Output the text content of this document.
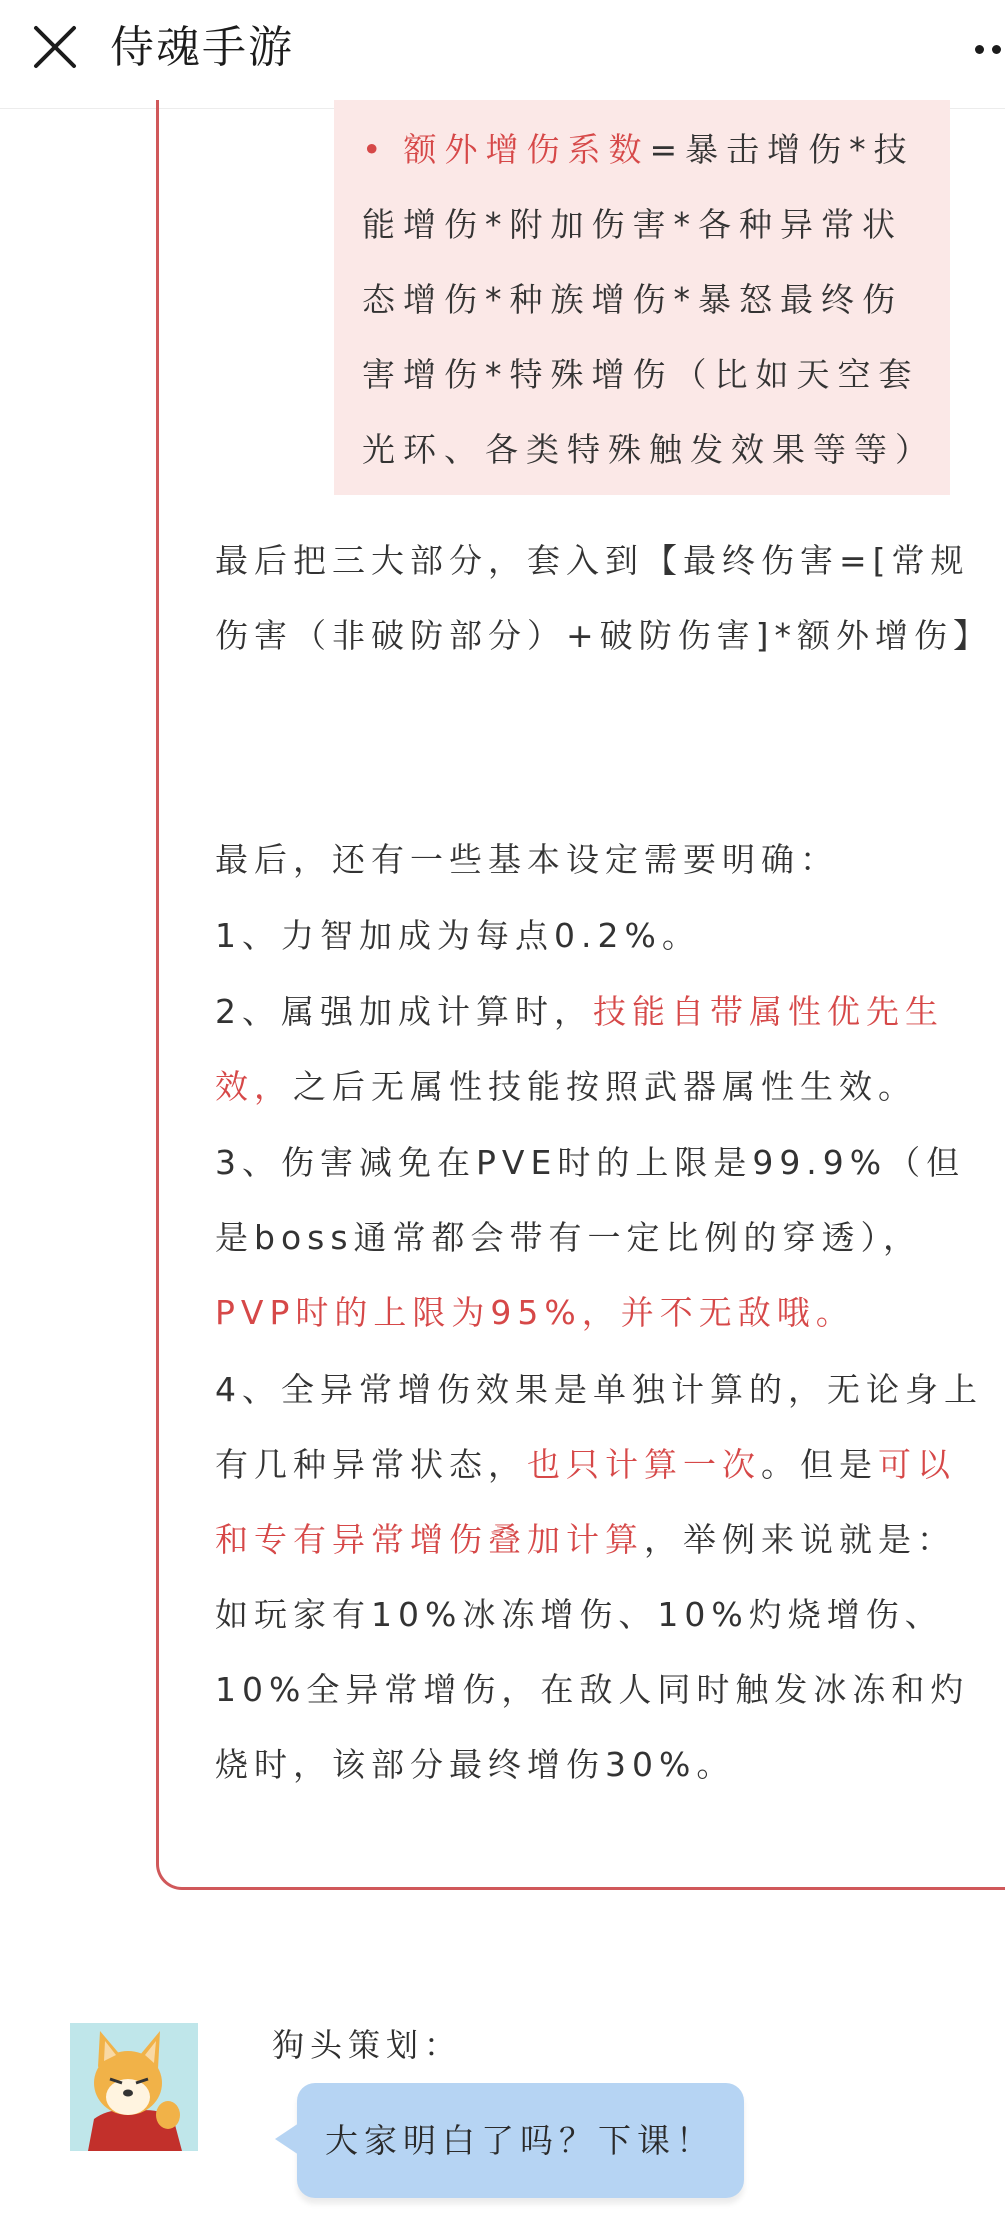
侍魂手游
• 额外增伤系数=暴击增伤*技能增伤*附加伤害*各种异常状态增伤*种族增伤*暴怒最终伤害增伤*特殊增伤（比如天空套光环、各类特殊触发效果等等）
最后把三大部分，套入到【最终伤害=[常规伤害（非破防部分）+破防伤害]*额外增伤】
最后，还有一些基本设定需要明确：
1、力智加成为每点0.2%。
2、属强加成计算时，技能自带属性优先生效，之后无属性技能按照武器属性生效。
3、伤害减免在PVE时的上限是99.9%（但是boss通常都会带有一定比例的穿透），PVP时的上限为95%，并不无敌哦。
4、全异常增伤效果是单独计算的，无论身上有几种异常状态，也只计算一次。但是可以和专有异常增伤叠加计算，举例来说就是：如玩家有10%冰冻增伤、10%灼烧增伤、10%全异常增伤，在敌人同时触发冰冻和灼烧时，该部分最终增伤30%。
狗头策划：
大家明白了吗？下课！
